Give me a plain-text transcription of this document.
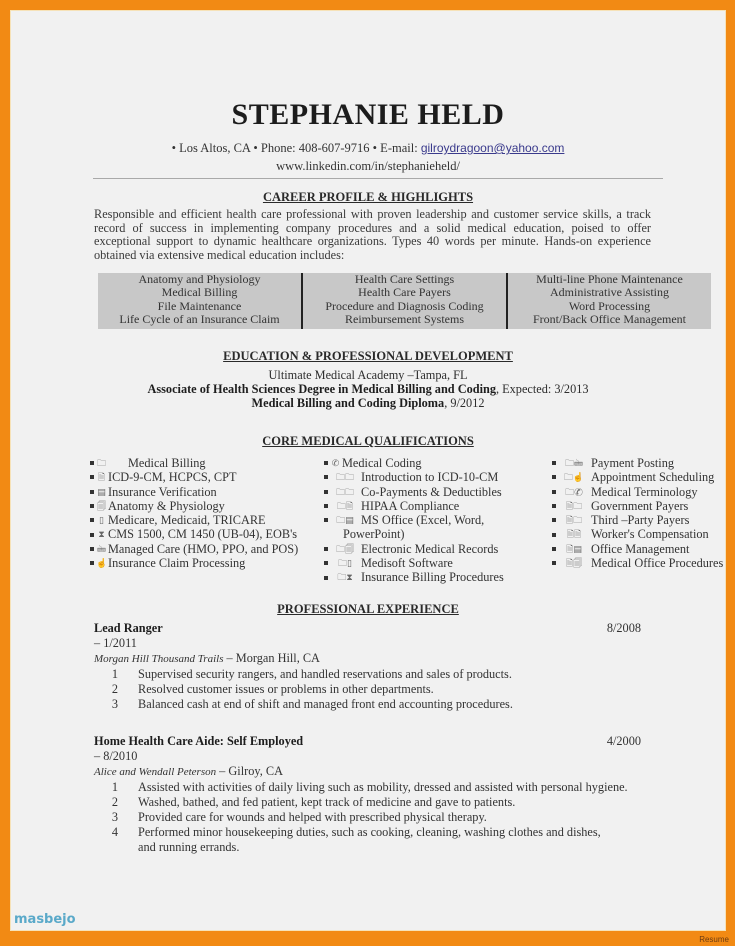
STEPHANIE HELD
• Los Altos, CA • Phone: 408-607-9716 • E-mail: gilroydragoon@yahoo.com
www.linkedin.com/in/stephanieheld/
CAREER PROFILE & HIGHLIGHTS
Responsible and efficient health care professional with proven leadership and customer service skills, a track record of success in implementing company procedures and a solid medical education, poised to offer exceptional support to dynamic healthcare organizations. Types 40 words per minute. Hands-on experience obtained via extensive medical education includes:
Anatomy and Physiology
Medical Billing
File Maintenance
Life Cycle of an Insurance Claim
Health Care Settings
Health Care Payers
Procedure and Diagnosis Coding
Reimbursement Systems
Multi-line Phone Maintenance
Administrative Assisting
Word Processing
Front/Back Office Management
EDUCATION & PROFESSIONAL DEVELOPMENT
Ultimate Medical Academy –Tampa, FL
Associate of Health Sciences Degree in Medical Billing and Coding, Expected: 3/2013
Medical Billing and Coding Diploma, 9/2012
CORE MEDICAL QUALIFICATIONS
🗀 Medical Billing
🗎 ICD-9-CM, HCPCS, CPT
▤ Insurance Verification
🗐 Anatomy & Physiology
▯ Medicare, Medicaid, TRICARE
⧗ CMS 1500, CM 1450 (UB-04), EOB's
🖮 Managed Care (HMO, PPO, and POS)
☝ Insurance Claim Processing
✆ Medical Coding
🗀🗀 Introduction to ICD-10-CM
🗀🗀 Co-Payments & Deductibles
🗀🗎 HIPAA Compliance
🗀▤ MS Office (Excel, Word,
PowerPoint)
🗀🗐 Electronic Medical Records
🗀▯ Medisoft Software
🗀⧗ Insurance Billing Procedures
🗀🖮 Payment Posting
🗀☝ Appointment Scheduling
🗀✆ Medical Terminology
🗎🗀 Government Payers
🗎🗀 Third –Party Payers
🗎🗎 Worker's Compensation
🗎▤ Office Management
🗎🗐 Medical Office Procedures
PROFESSIONAL EXPERIENCE
Lead Ranger	8/2008
– 1/2011
Morgan Hill Thousand Trails – Morgan Hill, CA
1	Supervised security rangers, and handled reservations and sales of products.
2	Resolved customer issues or problems in other departments.
3	Balanced cash at end of shift and managed front end accounting procedures.
Home Health Care Aide: Self Employed	4/2000
– 8/2010
Alice and Wendall Peterson – Gilroy, CA
1	Assisted with activities of daily living such as mobility, dressed and assisted with personal hygiene.
2	Washed, bathed, and fed patient, kept track of medicine and gave to patients.
3	Provided care for wounds and helped with prescribed physical therapy.
4	Performed minor housekeeping duties, such as cooking, cleaning, washing clothes and dishes, and running errands.
masbejo
Resume
